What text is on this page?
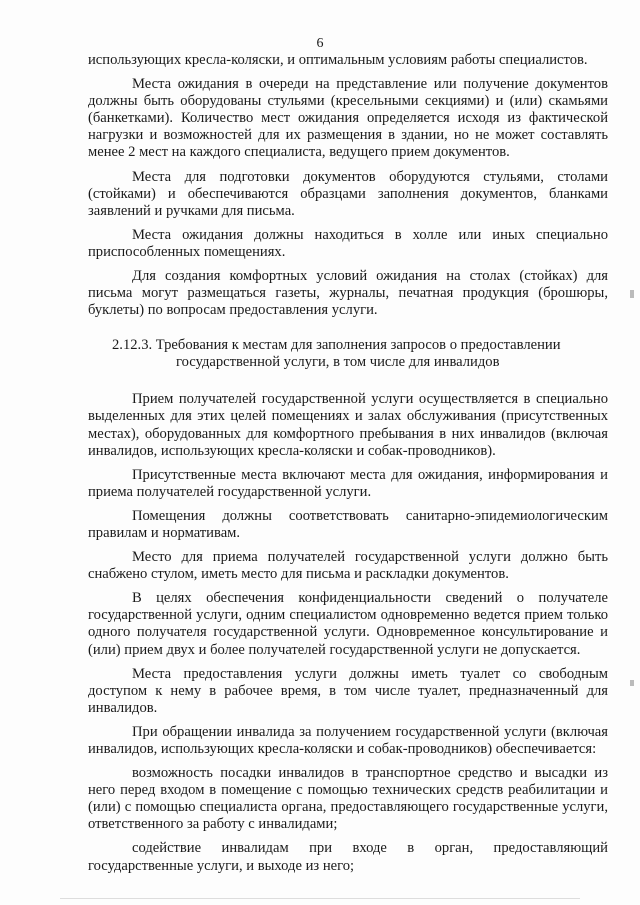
6

использующих кресла-коляски, и оптимальным условиям работы специалистов.

Места ожидания в очереди на представление или получение документов должны быть оборудованы стульями (кресельными секциями) и (или) скамьями (банкетками). Количество мест ожидания определяется исходя из фактической нагрузки и возможностей для их размещения в здании, но не может составлять менее 2 мест на каждого специалиста, ведущего прием документов.

Места для подготовки документов оборудуются стульями, столами (стойками) и обеспечиваются образцами заполнения документов, бланками заявлений и ручками для письма.

Места ожидания должны находиться в холле или иных специально приспособленных помещениях.

Для создания комфортных условий ожидания на столах (стойках) для письма могут размещаться газеты, журналы, печатная продукция (брошюры, буклеты) по вопросам предоставления услуги.

2.12.3. Требования к местам для заполнения запросов о предоставлении
государственной услуги, в том числе для инвалидов

Прием получателей государственной услуги осуществляется в специально выделенных для этих целей помещениях и залах обслуживания (присутственных местах), оборудованных для комфортного пребывания в них инвалидов (включая инвалидов, использующих кресла-коляски и собак-проводников).

Присутственные места включают места для ожидания, информирования и приема получателей государственной услуги.

Помещения должны соответствовать санитарно-эпидемиологическим правилам и нормативам.

Место для приема получателей государственной услуги должно быть снабжено стулом, иметь место для письма и раскладки документов.

В целях обеспечения конфиденциальности сведений о получателе государственной услуги, одним специалистом одновременно ведется прием только одного получателя государственной услуги. Одновременное консультирование и (или) прием двух и более получателей государственной услуги не допускается.

Места предоставления услуги должны иметь туалет со свободным доступом к нему в рабочее время, в том числе туалет, предназначенный для инвалидов.

При обращении инвалида за получением государственной услуги (включая инвалидов, использующих кресла-коляски и собак-проводников) обеспечивается:

возможность посадки инвалидов в транспортное средство и высадки из него перед входом в помещение с помощью технических средств реабилитации и (или) с помощью специалиста органа, предоставляющего государственные услуги, ответственного за работу с инвалидами;

содействие инвалидам при входе в орган, предоставляющий государственные услуги, и выходе из него;
